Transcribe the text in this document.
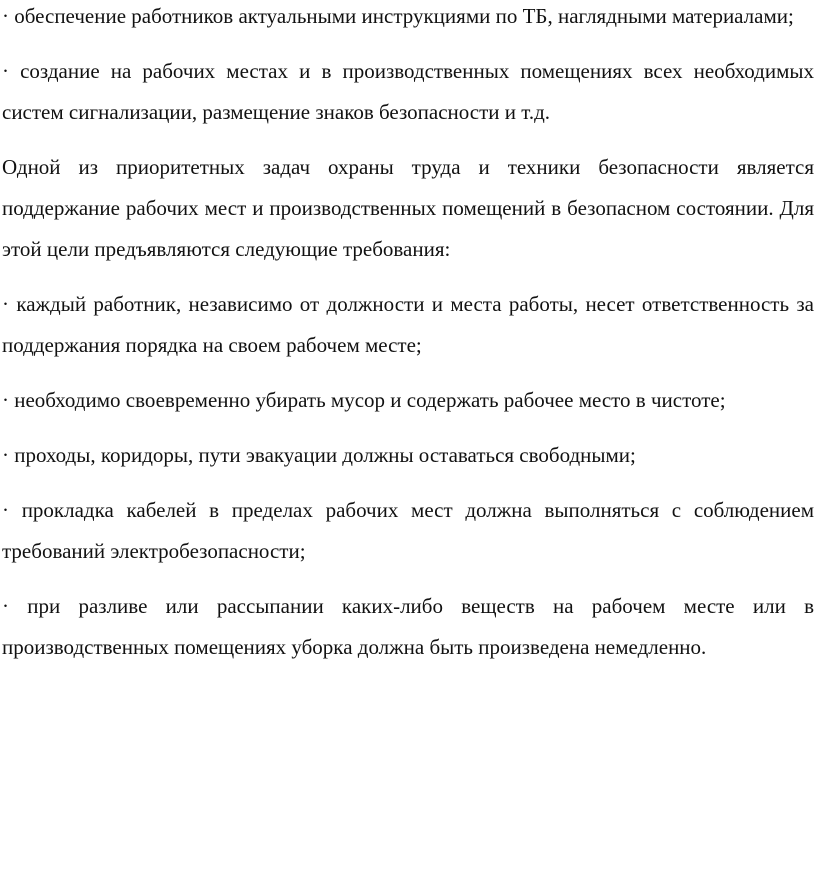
· обеспечение работников актуальными инструкциями по ТБ, наглядными материалами;

· создание на рабочих местах и в производственных помещениях всех необходимых систем сигнализации, размещение знаков безопасности и т.д.

Одной из приоритетных задач охраны труда и техники безопасности является поддержание рабочих мест и производственных помещений в безопасном состоянии. Для этой цели предъявляются следующие требования:

· каждый работник, независимо от должности и места работы, несет ответственность за поддержания порядка на своем рабочем месте;

· необходимо своевременно убирать мусор и содержать рабочее место в чистоте;

· проходы, коридоры, пути эвакуации должны оставаться свободными;

· прокладка кабелей в пределах рабочих мест должна выполняться с соблюдением требований электробезопасности;

· при разливе или рассыпании каких-либо веществ на рабочем месте или в производственных помещениях уборка должна быть произведена немедленно.
